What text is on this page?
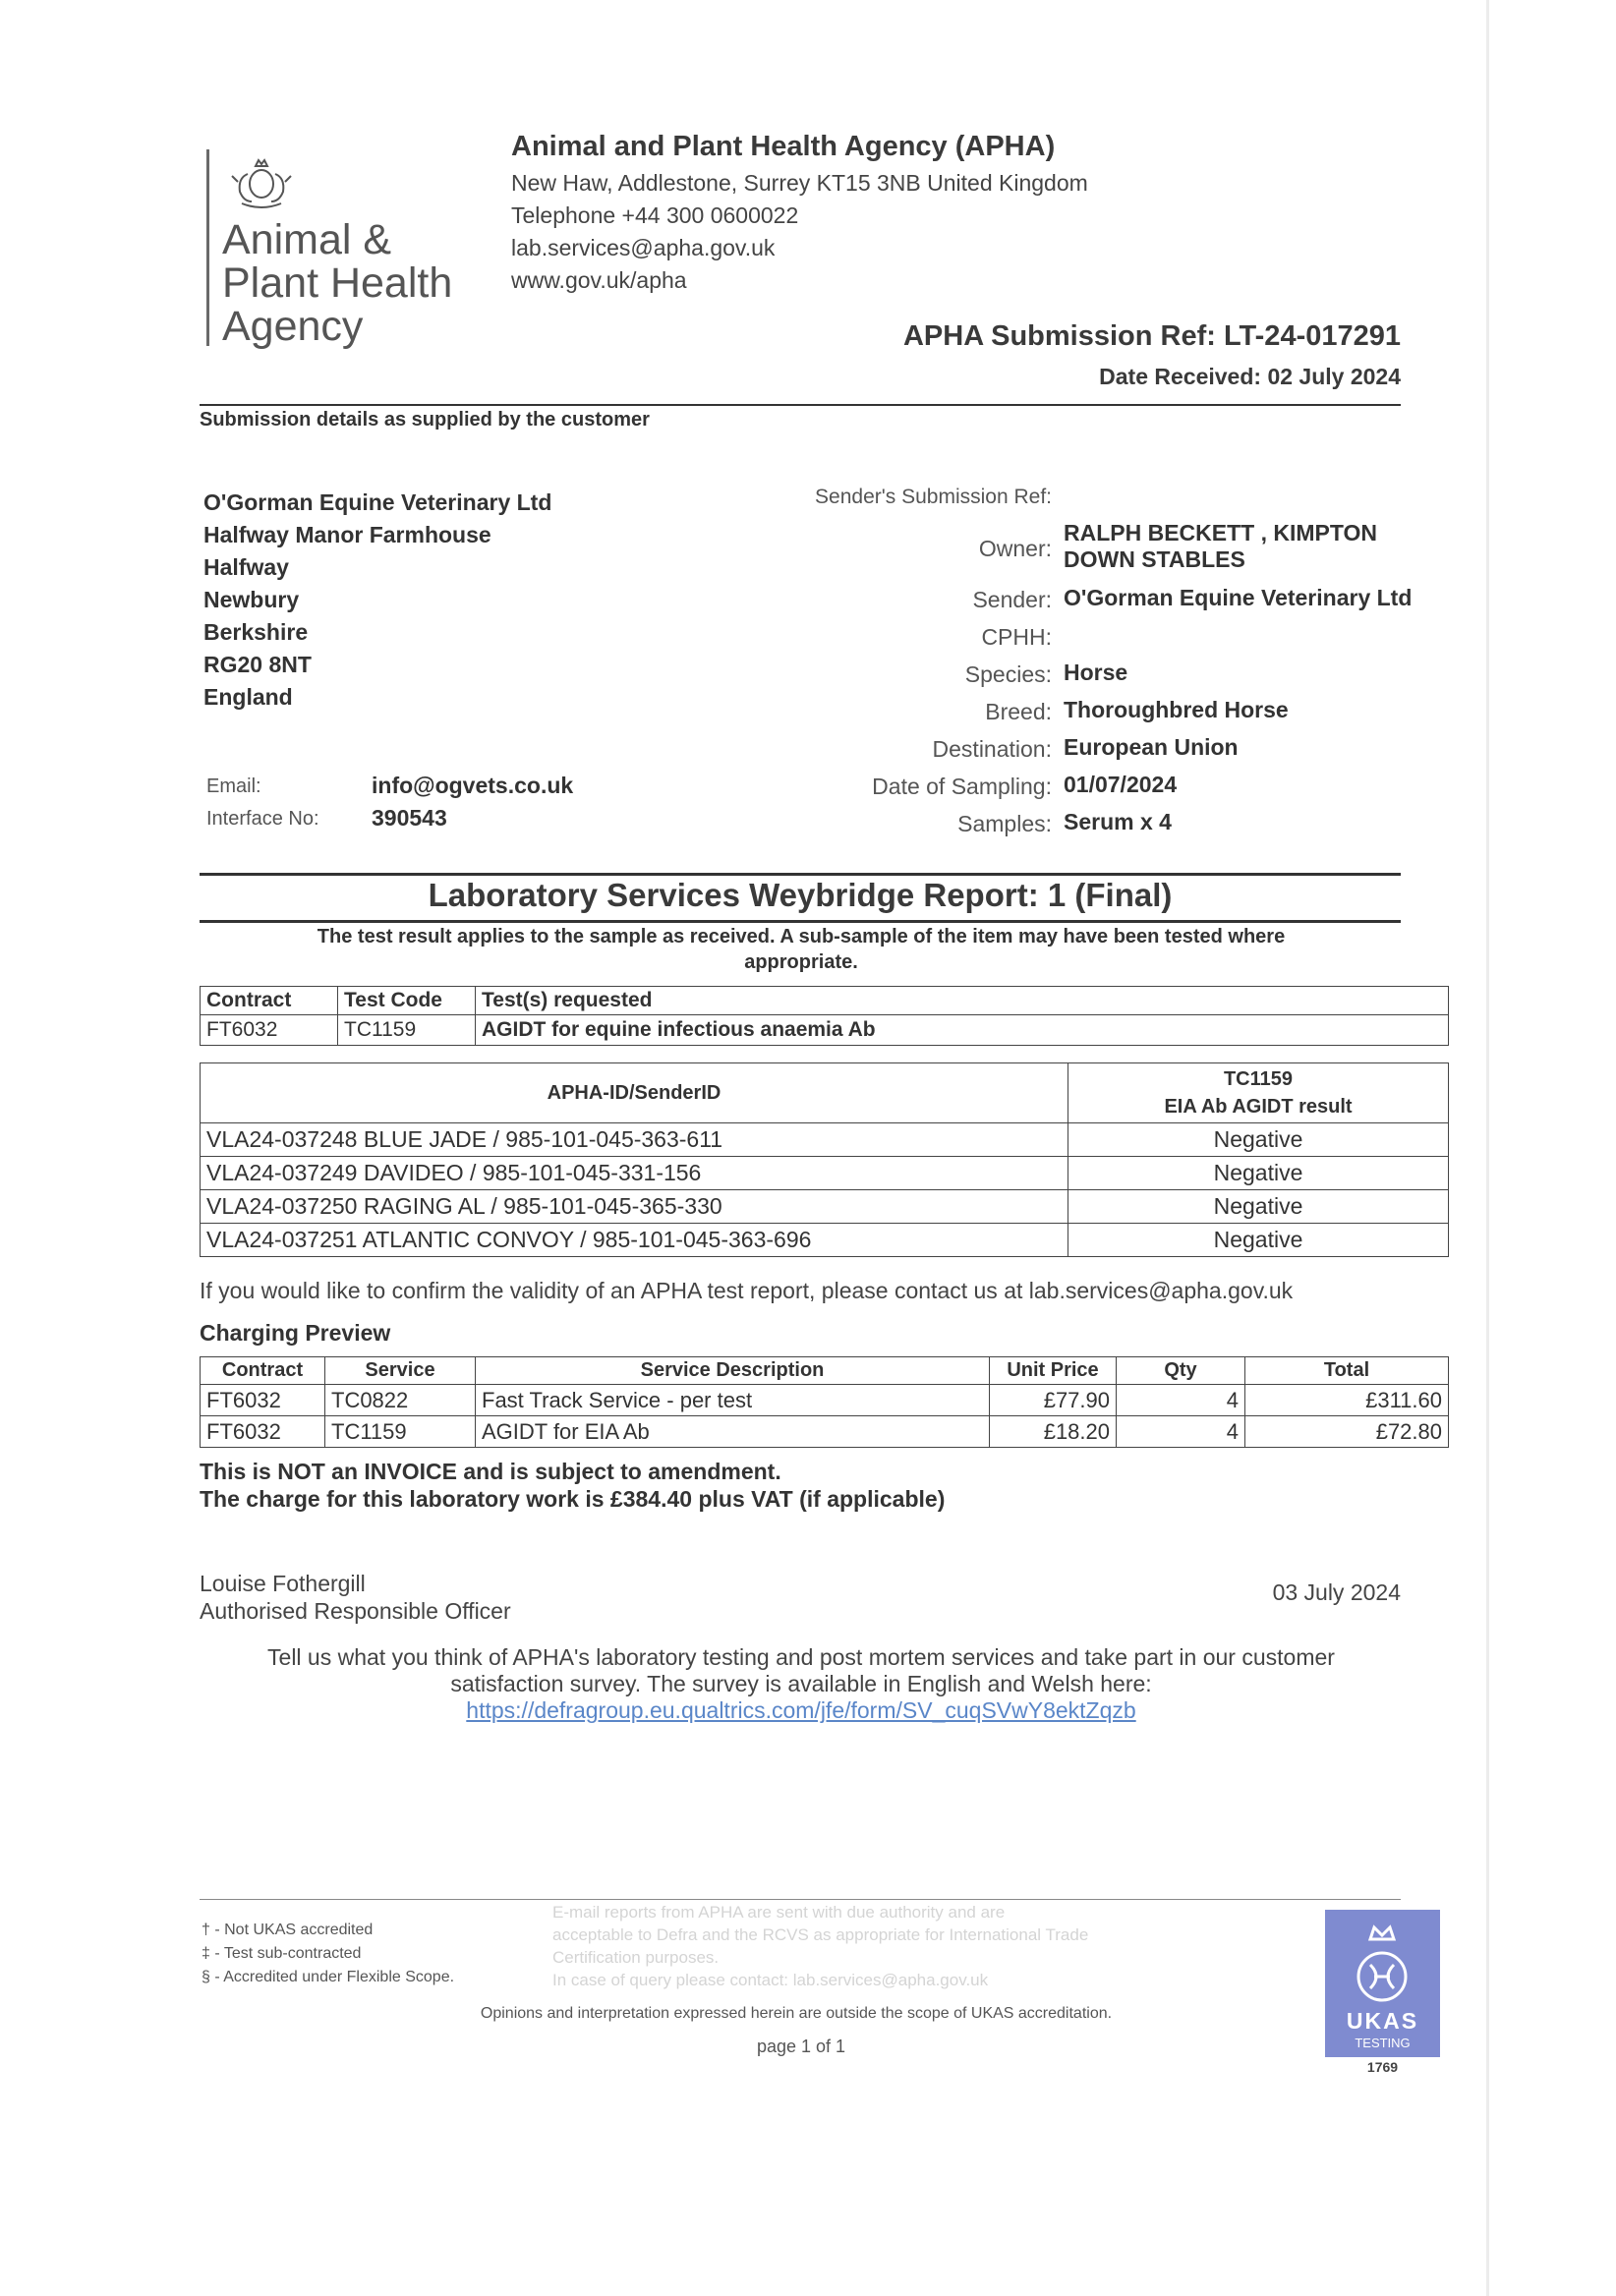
Animal &
Plant Health
Agency
Animal and Plant Health Agency (APHA)
New Haw, Addlestone, Surrey KT15 3NB United Kingdom
Telephone +44 300 0600022
lab.services@apha.gov.uk
www.gov.uk/apha
APHA Submission Ref: LT-24-017291
Date Received: 02 July 2024
Submission details as supplied by the customer
O'Gorman Equine Veterinary Ltd
Halfway Manor Farmhouse
Halfway
Newbury
Berkshire
RG20 8NT
England
Email:	info@ogvets.co.uk
Interface No: 390543
Sender's Submission Ref:
Owner:
RALPH BECKETT , KIMPTON
DOWN STABLES
Sender: O'Gorman Equine Veterinary Ltd
CPHH:
Species: Horse
Breed: Thoroughbred Horse
Destination: European Union
Date of Sampling: 01/07/2024
Samples: Serum x 4
Laboratory Services Weybridge Report: 1 (Final)
The test result applies to the sample as received. A sub-sample of the item may have been tested where
appropriate.
Contract	Test Code	Test(s) requested
FT6032	TC1159	AGIDT for equine infectious anaemia Ab
APHA-ID/SenderID	TC1159
EIA Ab AGIDT result

VLA24-037248 BLUE JADE / 985-101-045-363-611	Negative
VLA24-037249 DAVIDEO / 985-101-045-331-156	Negative
VLA24-037250 RAGING AL / 985-101-045-365-330	Negative
VLA24-037251 ATLANTIC CONVOY / 985-101-045-363-696	Negative
If you would like to confirm the validity of an APHA test report, please contact us at lab.services@apha.gov.uk
Charging Preview
Contract	Service	Service Description	Unit Price	Qty	Total
FT6032	TC0822	Fast Track Service - per test	£77.90	4	£311.60
FT6032	TC1159	AGIDT for EIA Ab	£18.20	4	£72.80
This is NOT an INVOICE and is subject to amendment.
The charge for this laboratory work is £384.40 plus VAT (if applicable)
Louise Fothergill
Authorised Responsible Officer
03 July 2024
Tell us what you think of APHA's laboratory testing and post mortem services and take part in our customer
satisfaction survey. The survey is available in English and Welsh here:
https://defragroup.eu.qualtrics.com/jfe/form/SV_cuqSVwY8ektZqzb
† - Not UKAS accredited
‡ - Test sub-contracted
§ - Accredited under Flexible Scope.
E-mail reports from APHA are sent with due authority and are
acceptable to Defra and the RCVS as appropriate for International Trade
Certification purposes.
In case of query please contact: lab.services@apha.gov.uk
Opinions and interpretation expressed herein are outside the scope of UKAS accreditation.
page 1 of 1
UKAS
TESTING
1769
